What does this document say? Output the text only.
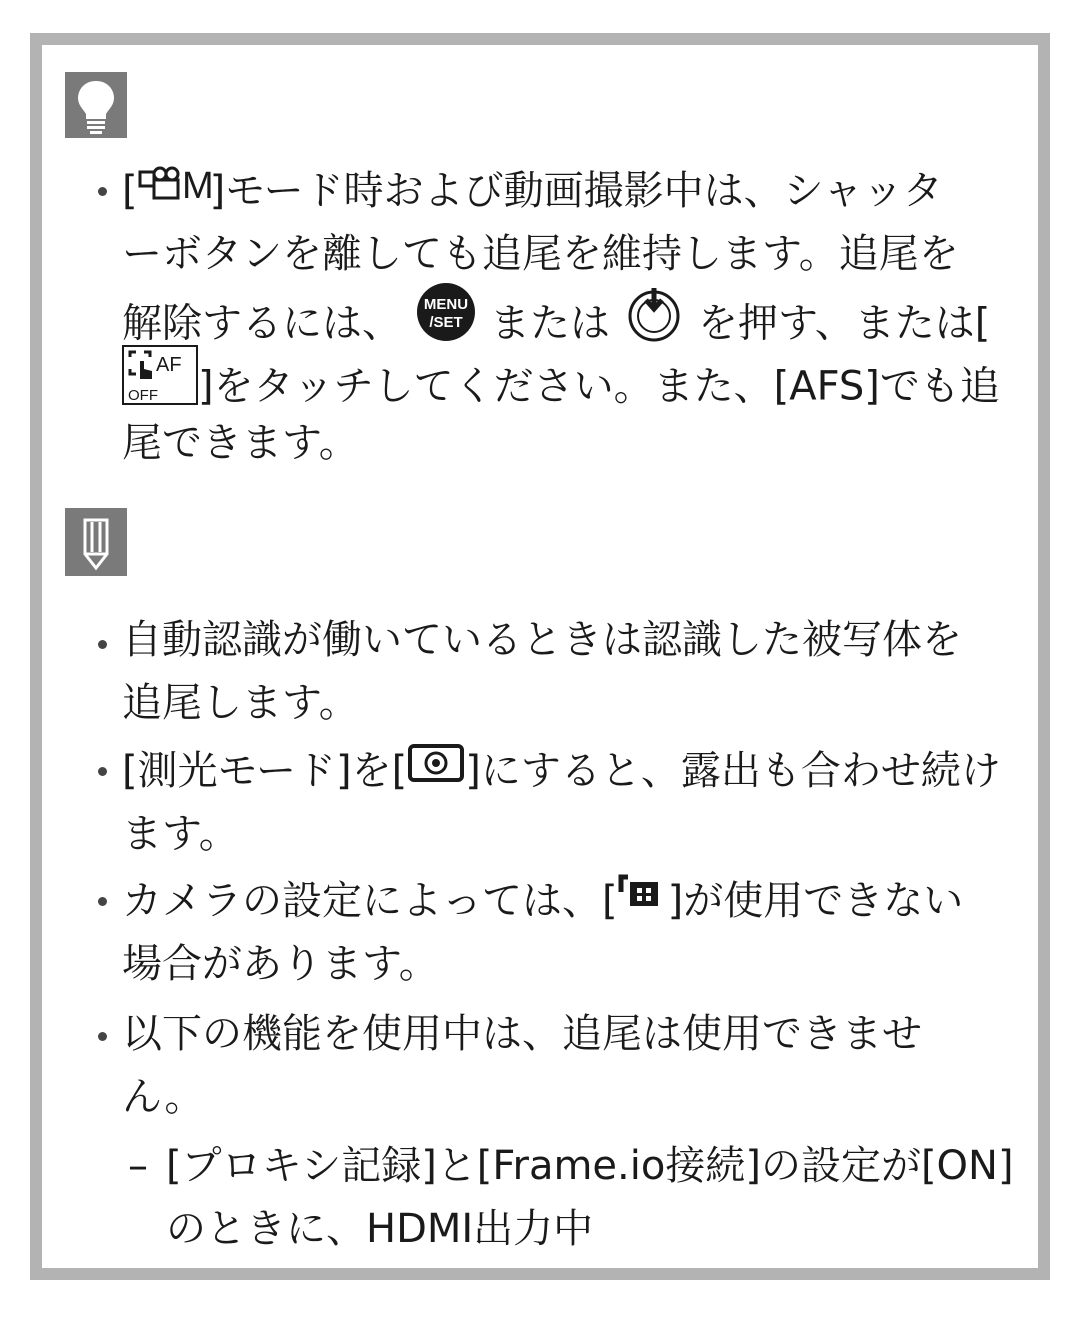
[ M
]モード時および動画撮影中は、シャッタ
ーボタンを離しても追尾を維持します。追尾を
解除するには、 MENU
/SET または を押す、または[
AF
OFF ]をタッチしてください。また、[AFS]でも追
尾できます。
自動認識が働いているときは認識した被写体を
追尾します。
[測光モード]を[ ]にすると、露出も合わせ続け
ます。
カメラの設定によっては、[ ]が使用できない
場合があります。
以下の機能を使用中は、追尾は使用できませ
ん。
– [プロキシ記録]と[Frame.io接続]の設定が[ON]
のときに、HDMI出力中
